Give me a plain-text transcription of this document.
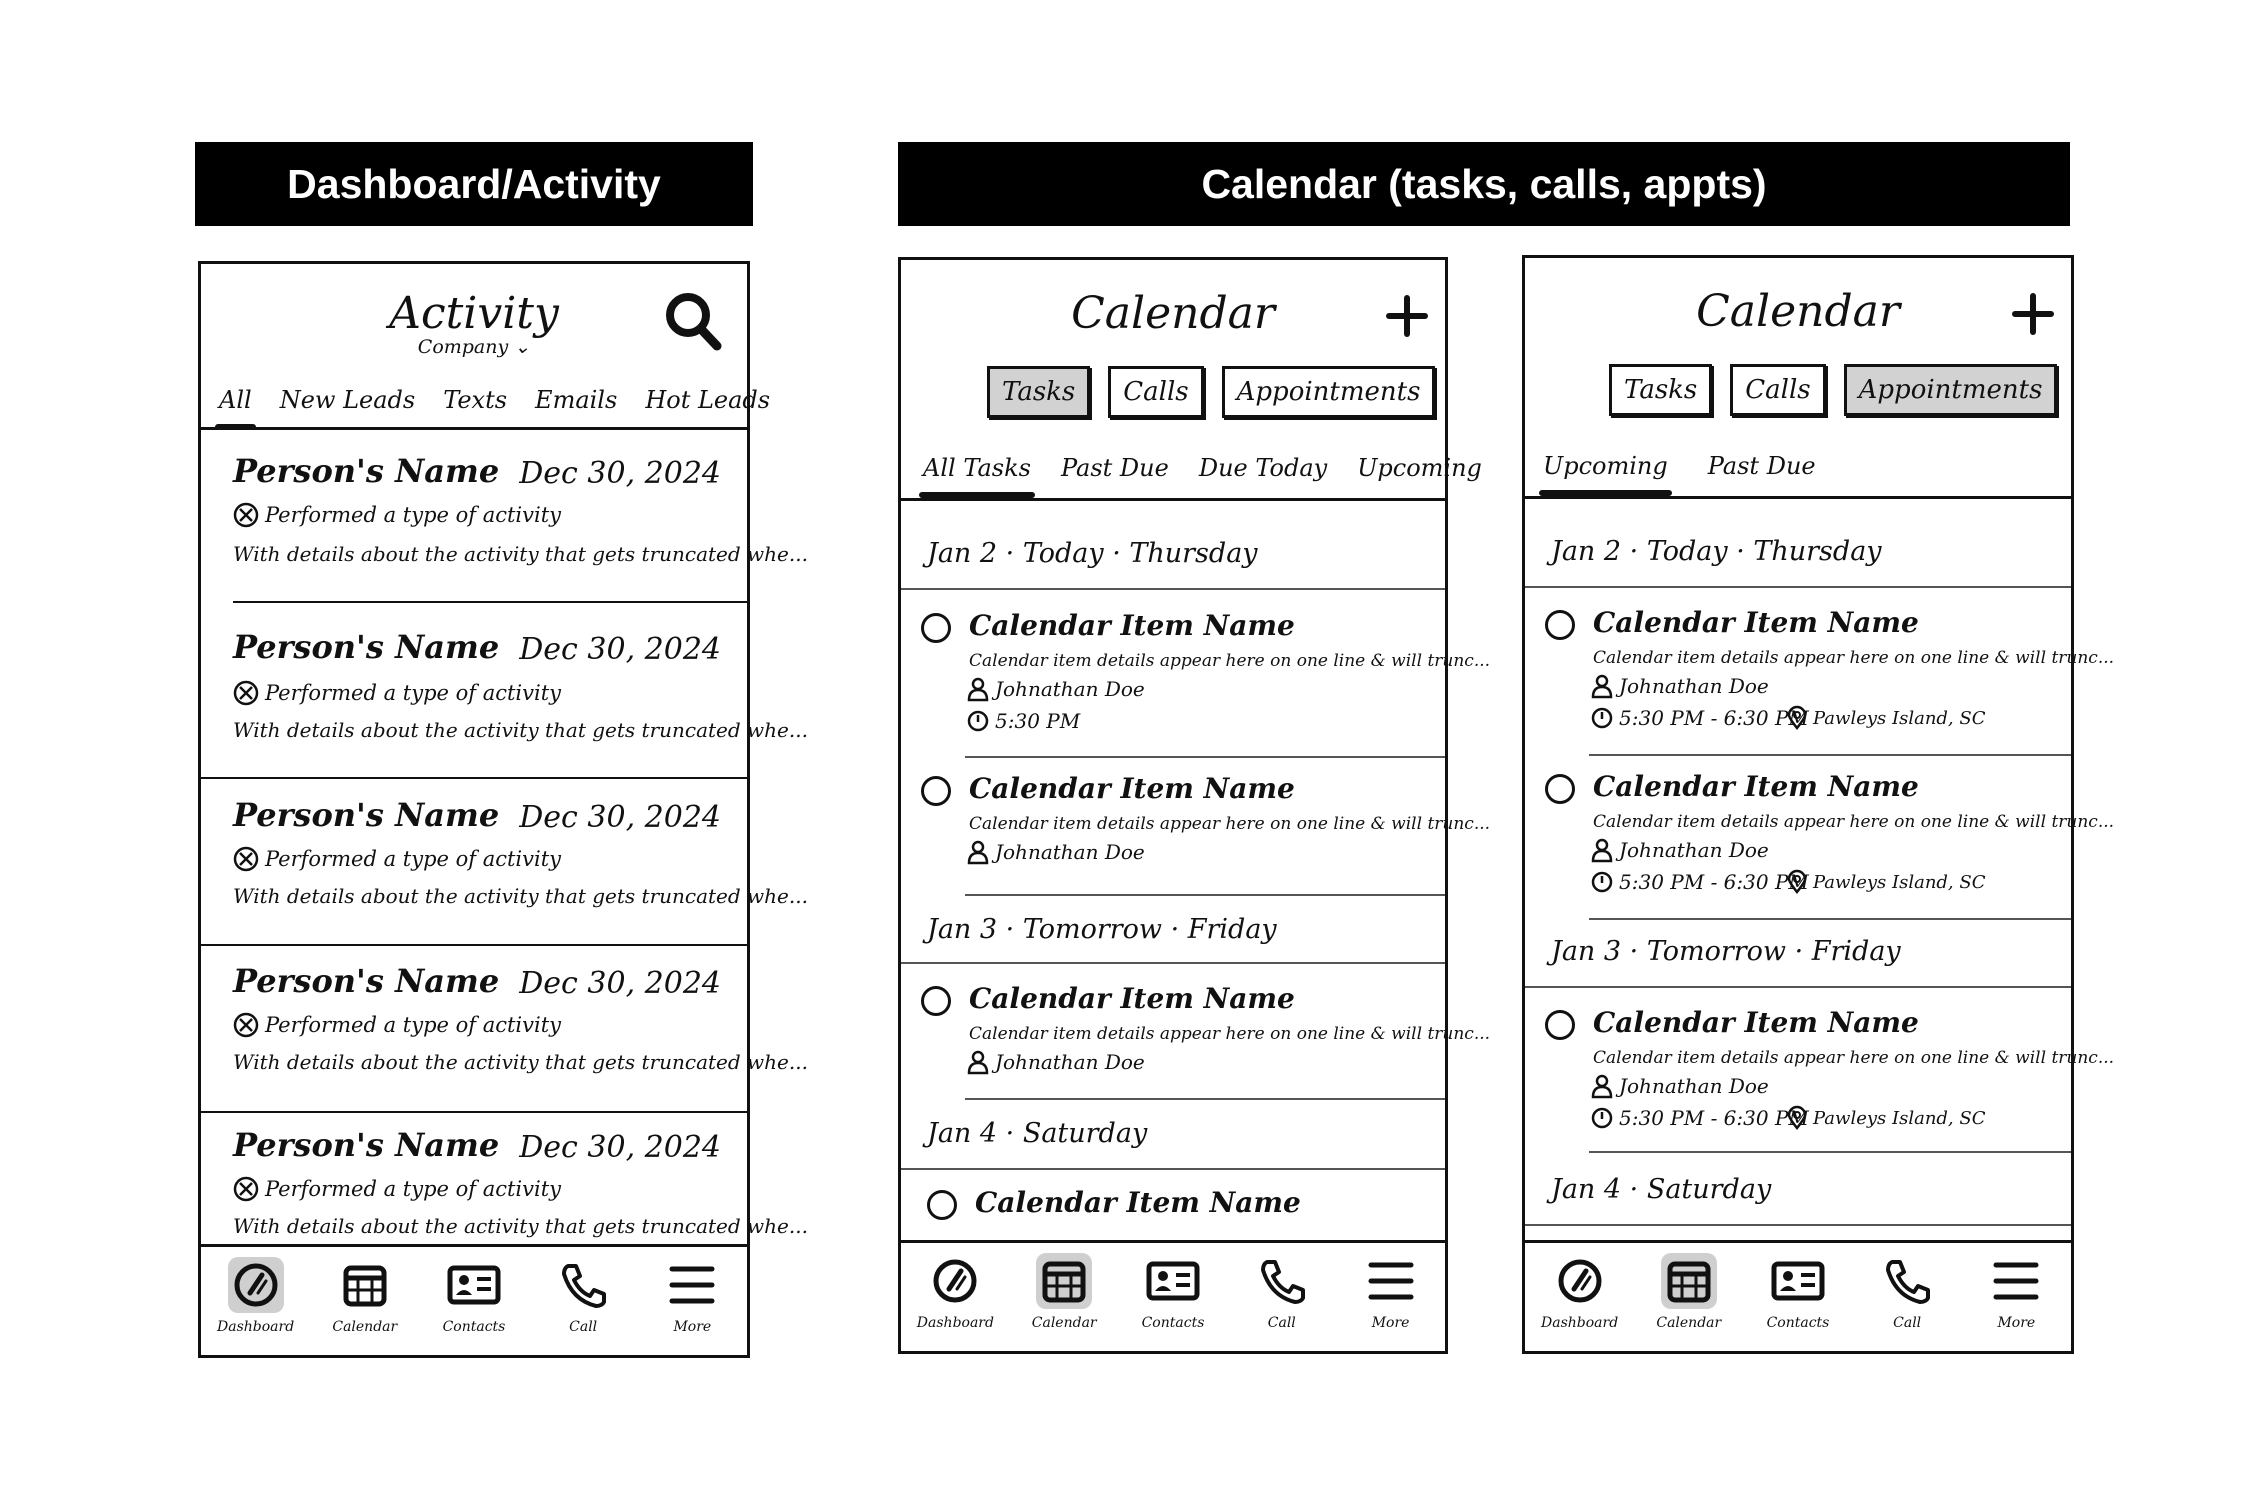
Dashboard/Activity	Calendar (tasks, calls, appts)
Activity
Company ⌄
All New Leads Texts Emails Hot Leads
Person's Name Dec 30, 2024
Performed a type of activity
With details about the activity that gets truncated whe...
Person's Name Dec 30, 2024
Performed a type of activity
With details about the activity that gets truncated whe...
Person's Name Dec 30, 2024
Performed a type of activity
With details about the activity that gets truncated whe...
Person's Name Dec 30, 2024
Performed a type of activity
With details about the activity that gets truncated whe...
Person's Name Dec 30, 2024
Performed a type of activity
With details about the activity that gets truncated whe...
Dashboard	Calendar	Contacts	Call	More
Calendar
Tasks	Calls	Appointments
All Tasks Past Due Due Today Upcoming
Jan 2 · Today · Thursday
Calendar Item Name
Calendar item details appear here on one line & will trunc...
Johnathan Doe
5:30 PM
Calendar Item Name
Calendar item details appear here on one line & will trunc...
Johnathan Doe
Jan 3 · Tomorrow · Friday
Calendar Item Name
Calendar item details appear here on one line & will trunc...
Johnathan Doe
Jan 4 · Saturday
Calendar Item Name
Dashboard	Calendar	Contacts	Call	More
Calendar
Tasks	Calls	Appointments
Upcoming Past Due
Jan 2 · Today · Thursday
Calendar Item Name
Calendar item details appear here on one line & will trunc...
Johnathan Doe
5:30 PM - 6:30 PM Pawleys Island, SC
Calendar Item Name
Calendar item details appear here on one line & will trunc...
Johnathan Doe
5:30 PM - 6:30 PM Pawleys Island, SC
Jan 3 · Tomorrow · Friday
Calendar Item Name
Calendar item details appear here on one line & will trunc...
Johnathan Doe
5:30 PM - 6:30 PM Pawleys Island, SC
Jan 4 · Saturday
Dashboard	Calendar	Contacts	Call	More
